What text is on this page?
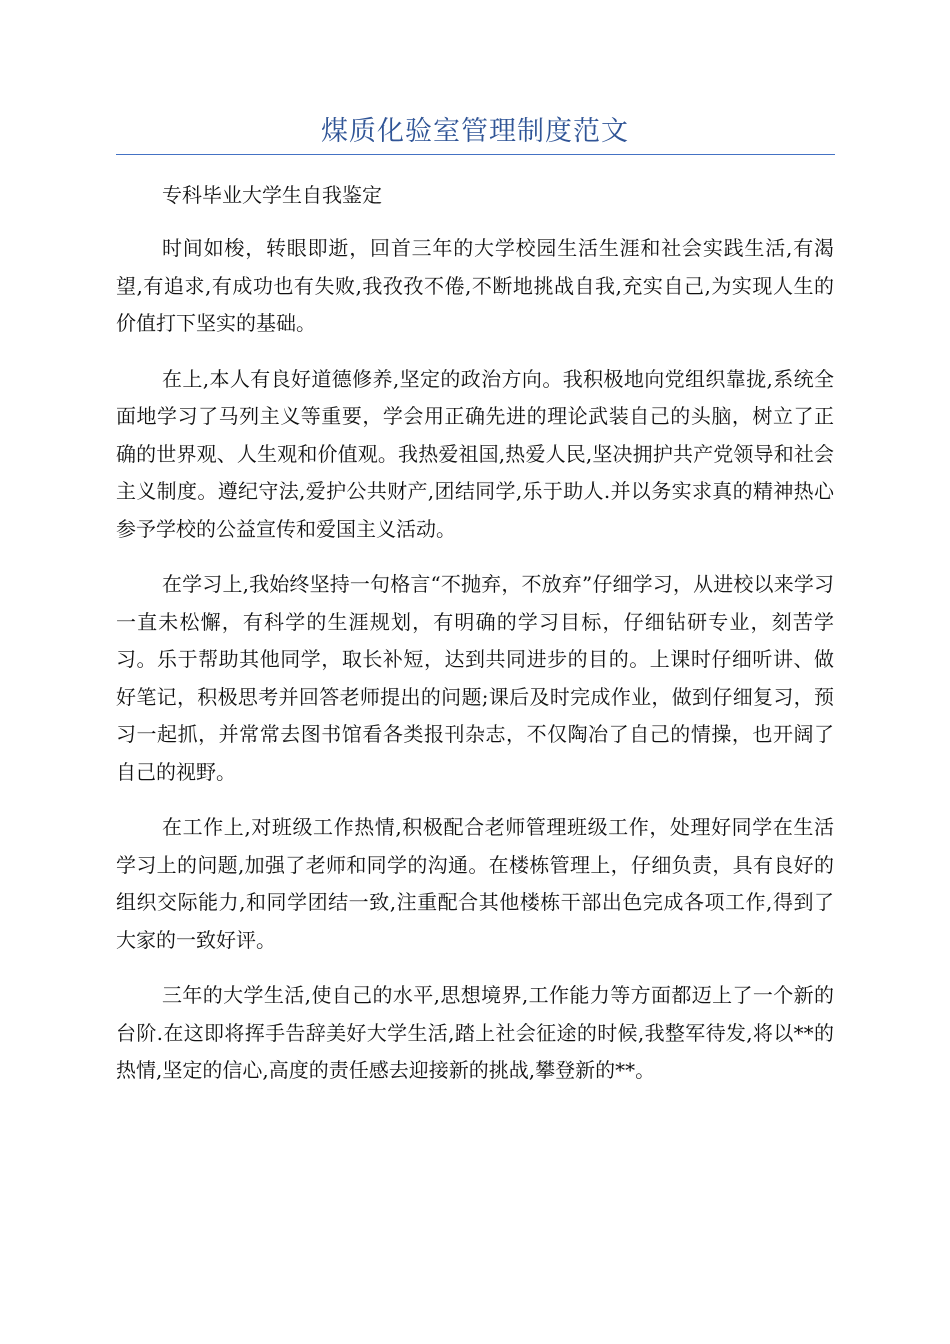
煤质化验室管理制度范文

专科毕业大学生自我鉴定

时间如梭，转眼即逝，回首三年的大学校园生活生涯和社会实践生活,有渴望,有追求,有成功也有失败,我孜孜不倦,不断地挑战自我,充实自己,为实现人生的价值打下坚实的基础。

在上,本人有良好道德修养,坚定的政治方向。我积极地向党组织靠拢,系统全面地学习了马列主义等重要，学会用正确先进的理论武装自己的头脑，树立了正确的世界观、人生观和价值观。我热爱祖国,热爱人民,坚决拥护共产党领导和社会主义制度。遵纪守法,爱护公共财产,团结同学,乐于助人.并以务实求真的精神热心参予学校的公益宣传和爱国主义活动。

在学习上,我始终坚持一句格言“不抛弃，不放弃”仔细学习，从进校以来学习一直未松懈，有科学的生涯规划，有明确的学习目标，仔细钻研专业，刻苦学习。乐于帮助其他同学，取长补短，达到共同进步的目的。上课时仔细听讲、做好笔记，积极思考并回答老师提出的问题;课后及时完成作业，做到仔细复习，预习一起抓，并常常去图书馆看各类报刊杂志，不仅陶冶了自己的情操，也开阔了自己的视野。

在工作上,对班级工作热情,积极配合老师管理班级工作，处理好同学在生活学习上的问题,加强了老师和同学的沟通。在楼栋管理上，仔细负责，具有良好的组织交际能力,和同学团结一致,注重配合其他楼栋干部出色完成各项工作,得到了大家的一致好评。

三年的大学生活,使自己的水平,思想境界,工作能力等方面都迈上了一个新的台阶.在这即将挥手告辞美好大学生活,踏上社会征途的时候,我整军待发,将以**的热情,坚定的信心,高度的责任感去迎接新的挑战,攀登新的**。
